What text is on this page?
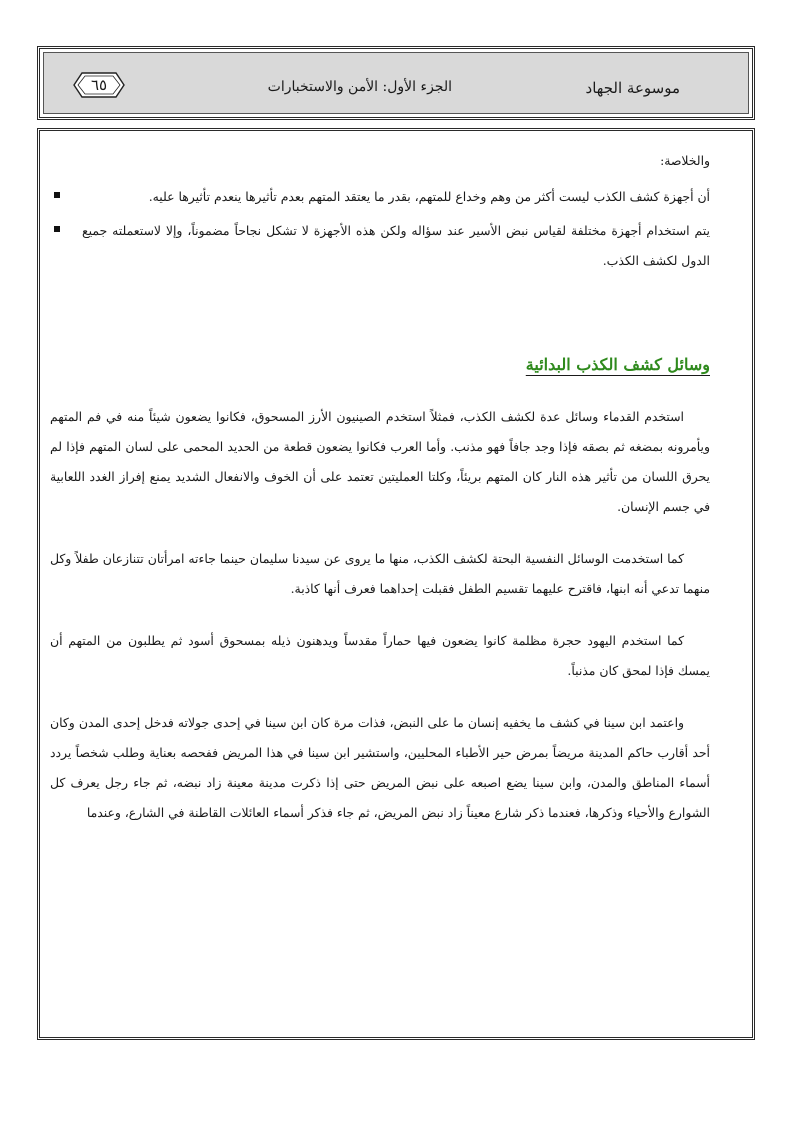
٦٥	الجزء الأول: الأمن والاستخبارات	موسوعة الجهاد

والخلاصة:

أن أجهزة كشف الكذب ليست أكثر من وهم وخداع للمتهم، بقدر ما يعتقد المتهم بعدم تأثيرها ينعدم تأثيرها عليه.
يتم استخدام أجهزة مختلفة لقياس نبض الأسير عند سؤاله ولكن هذه الأجهزة لا تشكل نجاحاً مضموناً، وإلا لاستعملته جميع الدول لكشف الكذب.
وسائل كشف الكذب البدائية

استخدم القدماء وسائل عدة لكشف الكذب، فمثلاً استخدم الصينيون الأرز المسحوق، فكانوا يضعون شيئاً منه في فم المتهم ويأمرونه بمضغه ثم بصقه فإذا وجد جافاً فهو مذنب. وأما العرب فكانوا يضعون قطعة من الحديد المحمى على لسان المتهم فإذا لم يحرق اللسان من تأثير هذه النار كان المتهم بريئاً، وكلتا العمليتين تعتمد على أن الخوف والانفعال الشديد يمنع إفراز الغدد اللعابية في جسم الإنسان.

كما استخدمت الوسائل النفسية البحتة لكشف الكذب، منها ما يروى عن سيدنا سليمان حينما جاءته امرأتان تتنازعان طفلاً وكل منهما تدعي أنه ابنها، فاقترح عليهما تقسيم الطفل فقبلت إحداهما فعرف أنها كاذبة.

كما استخدم اليهود حجرة مظلمة كانوا يضعون فيها حماراً مقدساً ويدهنون ذيله بمسحوق أسود ثم يطلبون من المتهم أن يمسك فإذا لمحق كان مذنباً.

واعتمد ابن سينا في كشف ما يخفيه إنسان ما على النبض، فذات مرة كان ابن سينا في إحدى جولاته فدخل إحدى المدن وكان أحد أقارب حاكم المدينة مريضاً بمرض حير الأطباء المحليين، واستشير ابن سينا في هذا المريض ففحصه بعناية وطلب شخصاً يردد أسماء المناطق والمدن، وابن سينا يضع اصبعه على نبض المريض حتى إذا ذكرت مدينة معينة زاد نبضه، ثم جاء رجل يعرف كل الشوارع والأحياء وذكرها، فعندما ذكر شارع معيناً زاد نبض المريض، ثم جاء فذكر أسماء العائلات القاطنة في الشارع، وعندما
